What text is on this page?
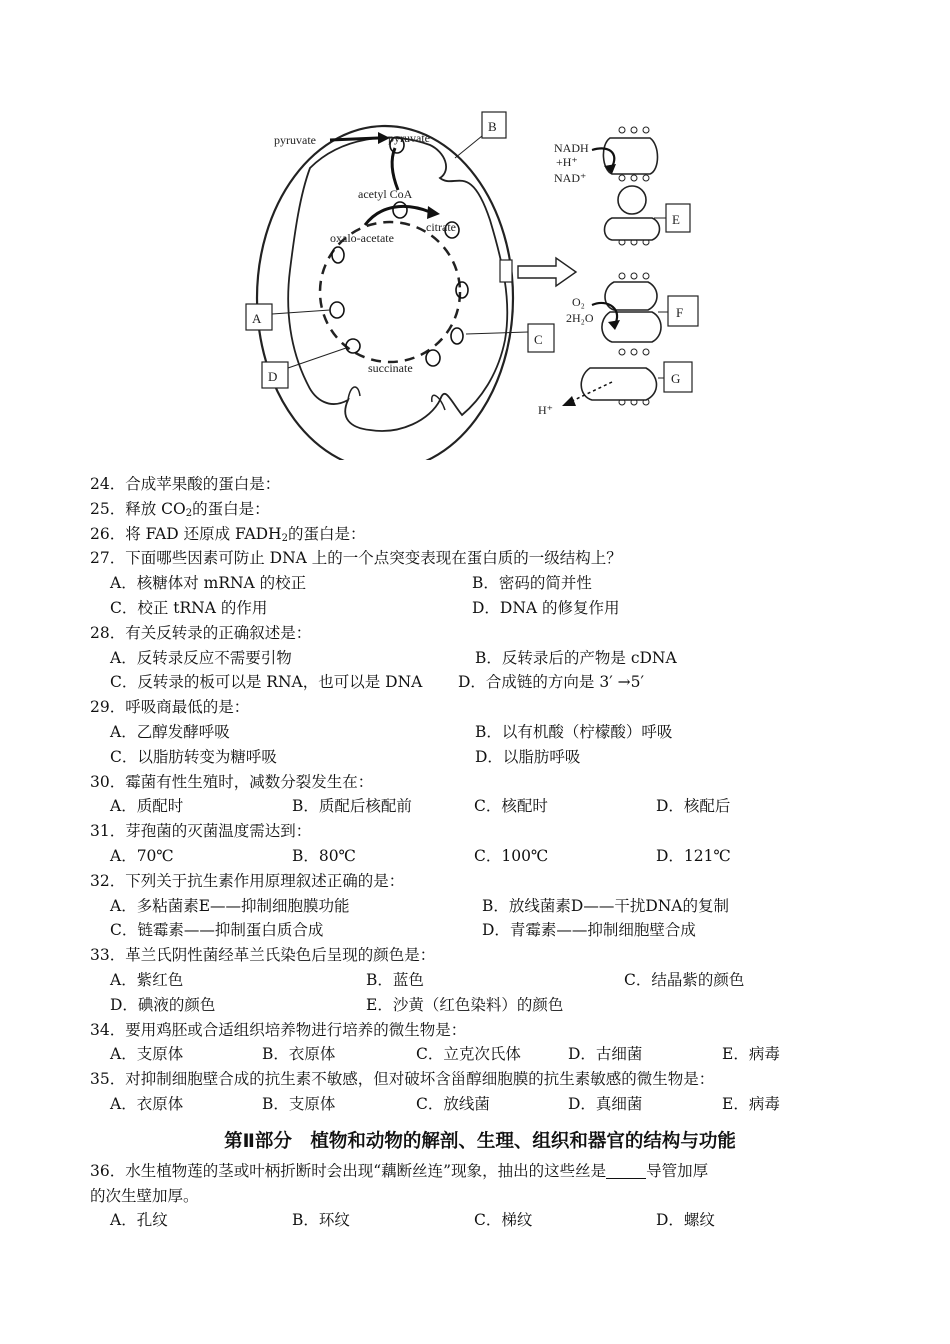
pyruvate	pyruvate
acetyl CoA
citrate
oxalo-acetate
succinate
B
A
D
C
NADH
+H⁺
NAD⁺
O₂
2H₂O
H⁺
E
F
G
24．合成苹果酸的蛋白是：
25．释放 $CO_2$的蛋白是：
26．将 FAD 还原成 $FADH_2$的蛋白是：
27．下面哪些因素可防止 DNA 上的一个点突变表现在蛋白质的一级结构上？
A．核糖体对 mRNA 的校正	B．密码的简并性
C．校正 tRNA 的作用	D．DNA 的修复作用
28．有关反转录的正确叙述是：
A．反转录反应不需要引物	B．反转录后的产物是 cDNA
C．反转录的板可以是 RNA，也可以是 DNA D．合成链的方向是 3′ →5′
29．呼吸商最低的是：
A．乙醇发酵呼吸	B．以有机酸（柠檬酸）呼吸
C．以脂肪转变为糖呼吸	D．以脂肪呼吸
30．霉菌有性生殖时，减数分裂发生在：
A．质配时	B．质配后核配前	C．核配时	D．核配后
31．芽孢菌的灭菌温度需达到：
A．70℃	B．80℃	C．100℃	D．121℃
32．下列关于抗生素作用原理叙述正确的是：
A．多粘菌素E——抑制细胞膜功能	B．放线菌素D——干扰DNA的复制
C．链霉素——抑制蛋白质合成	D．青霉素——抑制细胞壁合成
33．革兰氏阴性菌经革兰氏染色后呈现的颜色是：
A．紫红色	B．蓝色	C．结晶紫的颜色
D．碘液的颜色	E．沙黄（红色染料）的颜色
34．要用鸡胚或合适组织培养物进行培养的微生物是：
A．支原体	B．衣原体	C．立克次氏体	D．古细菌	E．病毒
35．对抑制细胞壁合成的抗生素不敏感，但对破坏含甾醇细胞膜的抗生素敏感的微生物是：
A．衣原体	B．支原体	C．放线菌	D．真细菌	E．病毒
第Ⅱ部分　植物和动物的解剖、生理、组织和器官的结构与功能
36．水生植物莲的茎或叶柄折断时会出现“藕断丝连”现象，抽出的这些丝是	导管加厚
的次生壁加厚。
A．孔纹	B．环纹	C．梯纹	D．螺纹
